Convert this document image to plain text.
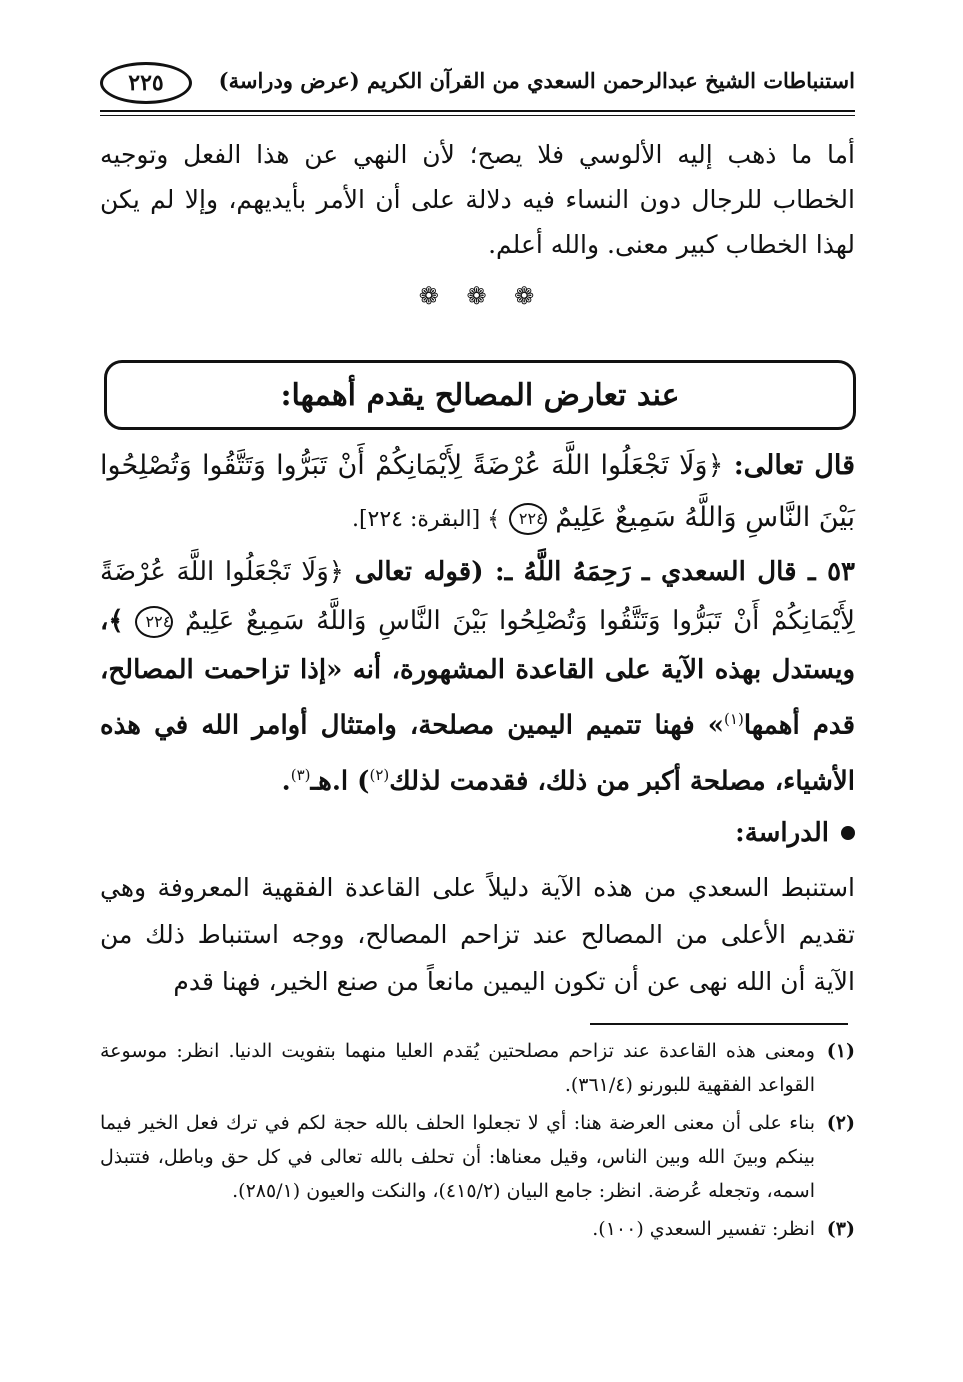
استنباطات الشيخ عبدالرحمن السعدي من القرآن الكريم (عرض ودراسة)
٢٢٥
أما ما ذهب إليه الألوسي فلا يصح؛ لأن النهي عن هذا الفعل وتوجيه الخطاب للرجال دون النساء فيه دلالة على أن الأمر بأيديهم، وإلا لم يكن لهذا الخطاب كبير معنى. والله أعلم.
❁ ❁ ❁
عند تعارض المصالح يقدم أهمها:
قال تعالى: ﴿وَلَا تَجْعَلُوا اللَّهَ عُرْضَةً لِأَيْمَانِكُمْ أَنْ تَبَرُّوا وَتَتَّقُوا وَتُصْلِحُوا بَيْنَ النَّاسِ وَاللَّهُ سَمِيعٌ عَلِيمٌ ٢٢٤ ﴾ [البقرة: ٢٢٤].
٥٣ ـ قال السعدي ـ رَحِمَهُ اللَّهُ ـ: (قوله تعالى ﴿وَلَا تَجْعَلُوا اللَّهَ عُرْضَةً لِأَيْمَانِكُمْ أَنْ تَبَرُّوا وَتَتَّقُوا وَتُصْلِحُوا بَيْنَ النَّاسِ وَاللَّهُ سَمِيعٌ عَلِيمٌ ٢٢٤ ﴾، ويستدل بهذه الآية على القاعدة المشهورة، أنه «إذا تزاحمت المصالح، قدم أهمها$^{(١)}$» فهنا تتميم اليمين مصلحة، وامتثال أوامر الله في هذه الأشياء، مصلحة أكبر من ذلك، فقدمت لذلك$^{(٢)}$) ا.هـ$^{(٣)}$.
الدراسة:
استنبط السعدي من هذه الآية دليلاً على القاعدة الفقهية المعروفة وهي تقديم الأعلى من المصالح عند تزاحم المصالح، ووجه استنباط ذلك من الآية أن الله نهى عن أن تكون اليمين مانعاً من صنع الخير، فهنا قدم
(١)
ومعنى هذه القاعدة عند تزاحم مصلحتين يُقدم العليا منهما بتفويت الدنيا. انظر: موسوعة القواعد الفقهية للبورنو (٣٦١/٤).
(٢)
بناء على أن معنى العرضة هنا: أي لا تجعلوا الحلف بالله حجة لكم في ترك فعل الخير فيما بينكم وبينَ الله وبين الناس، وقيل معناها: أن تحلف بالله تعالى في كل حق وباطل، فتتبذل اسمه، وتجعله عُرضة. انظر: جامع البيان (٤١٥/٢)، والنكت والعيون (٢٨٥/١).
(٣)
انظر: تفسير السعدي (١٠٠).
